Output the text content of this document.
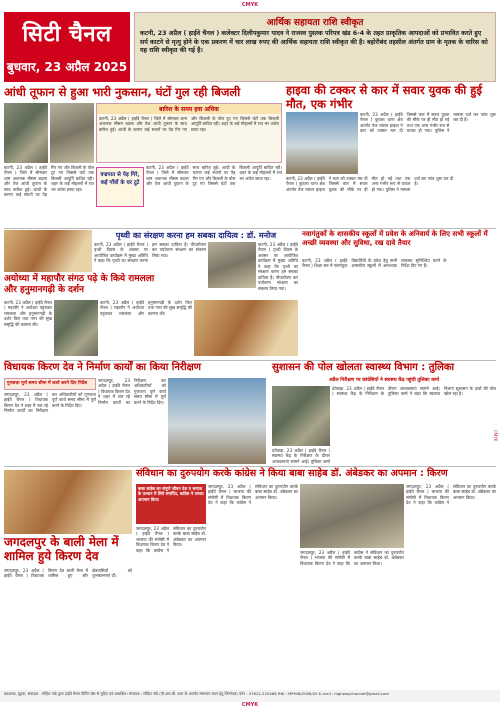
CMYK
सिटी चैनल
बुधवार, 23 अप्रैल 2025
आर्थिक सहायता राशि स्वीकृत

कटनी, 23 अप्रैल ( हाईवे चैनल ) कलेक्टर दिलीपकुमार यादव ने राजस्व पुस्तक परिपत्र खंड 6-4 के तहत प्राकृतिक आपदाओं को प्रभावित करते हुए सर्प काटने से मृत्यु होने के एक प्रकरण में चार लाख रुपए की आर्थिक सहायता राशि स्वीकृत की है। बहोरीबंद तहसील अंतर्गत ग्राम के मृतक के वारिस को यह राशि स्वीकृत की गई है।

आंधी तूफान से हुआ भारी नुकसान, घंटों गुल रही बिजली	हाइवा की टक्कर से कार में सवार युवक की हुई मौत, एक गंभीर
बारिश के समय हवा अधिक
कटनी, 23 अप्रैल ( हाईवे चैनल ) जिले में सोमवार शाम अचानक मौसम बदला और तेज आंधी तूफान के साथ बारिश हुई। आंधी के कारण कई स्थानों पर पेड़ गिर गए और बिजली के पोल टूट गए जिससे घंटों तक बिजली आपूर्ति बाधित रही। शहर के कई मोहल्लों में रात भर अंधेरा छाया रहा।
कटनी, 23 अप्रैल ( हाईवे चैनल ) जिले में सोमवार शाम अचानक मौसम बदला और तेज आंधी तूफान के साथ बारिश हुई। आंधी के कारण कई स्थानों पर पेड़ गिर गए और बिजली के पोल टूट गए जिससे घंटों तक बिजली आपूर्ति बाधित रही। शहर के कई मोहल्लों में रात भर अंधेरा छाया रहा।
वज्रपात से पेड़ गिरे, कई गाँवों के घर टूटे
कटनी, 23 अप्रैल ( हाईवे चैनल ) जिले में सोमवार शाम अचानक मौसम बदला और तेज आंधी तूफान के साथ बारिश हुई। आंधी के कारण कई स्थानों पर पेड़ गिर गए और बिजली के पोल टूट गए जिससे घंटों तक बिजली आपूर्ति बाधित रही। शहर के कई मोहल्लों में रात भर अंधेरा छाया रहा।
कटनी, 23 अप्रैल ( हाईवे चैनल ) कुठला थाना क्षेत्र अंतर्गत तेज रफ्तार हाइवा ने कार को टक्कर मार दी जिससे कार में सवार युवक की मौके पर ही मौत हो गई तथा एक अन्य गंभीर रूप से घायल हो गया। पुलिस ने मामला दर्ज कर जांच शुरू कर दी है।
कटनी, 23 अप्रैल ( हाईवे चैनल ) कुठला थाना क्षेत्र अंतर्गत तेज रफ्तार हाइवा ने कार को टक्कर मार दी जिससे कार में सवार युवक की मौके पर ही मौत हो गई तथा एक अन्य गंभीर रूप से घायल हो गया। पुलिस ने मामला दर्ज कर जांच शुरू कर दी है।
पृथ्वी का संरक्षण करना हम सबका दायित्व : डॉ. मनोज
कटनी, 23 अप्रैल ( हाईवे चैनल ) पृथ्वी दिवस के अवसर पर आयोजित कार्यक्रम में मुख्य अतिथि ने कहा कि पृथ्वी का संरक्षण करना हम सबका दायित्व है। पौधारोपण कर पर्यावरण संरक्षण का संकल्प लिया गया।
कटनी, 23 अप्रैल ( हाईवे चैनल ) पृथ्वी दिवस के अवसर पर आयोजित कार्यक्रम में मुख्य अतिथि ने कहा कि पृथ्वी का संरक्षण करना हम सबका दायित्व है। पौधारोपण कर पर्यावरण संरक्षण का संकल्प लिया गया।
अयोध्या में महापौर संगठ पढ़े के किये रामलला और हनुमानगढ़ी के दर्शन
कटनी, 23 अप्रैल ( हाईवे चैनल ) महापौर ने अयोध्या पहुंचकर रामलला और हनुमानगढ़ी के दर्शन किए तथा नगर की सुख समृद्धि की कामना की।
कटनी, 23 अप्रैल ( हाईवे चैनल ) महापौर ने अयोध्या पहुंचकर रामलला और हनुमानगढ़ी के दर्शन किए तथा नगर की सुख समृद्धि की कामना की।
नवागंतुकों के शासकीय स्कूलों में प्रवेश के अनिवार्य के लिए सभी स्कूलों में अच्छी व्यवस्था और सुविधा, रख दावे तैयार
कटनी, 23 अप्रैल ( हाईवे चैनल ) शिक्षा सत्र में नवागंतुक विद्यार्थियों के प्रवेश हेतु सभी शासकीय स्कूलों में आवश्यक व्यवस्था सुनिश्चित करने के निर्देश दिए गए हैं।
विधायक किरण देव ने निर्माण कार्यों का किया निरीक्षण
गुणवत्ता पूर्ण समय सीमा में कार्य करने दिए निर्देश
जगदलपुर, 23 अप्रैल ( हाईवे चैनल ) विधायक किरण देव ने शहर में चल रहे निर्माण कार्यों का निरीक्षण कर अधिकारियों को गुणवत्ता पूर्ण कार्य समय सीमा में पूर्ण करने के निर्देश दिए।
जगदलपुर, 23 अप्रैल ( हाईवे चैनल ) विधायक किरण देव ने शहर में चल रहे निर्माण कार्यों का निरीक्षण कर अधिकारियों को गुणवत्ता पूर्ण कार्य समय सीमा में पूर्ण करने के निर्देश दिए।
सुशासन की पोल खोलता स्वास्थ्य विभाग : तुलिका
अप्रैल निरीक्षण पर कांग्रेसियों ने स्वास्थ्य केंद्र पहुंची तुलिका कर्मा
दंतेवाड़ा, 23 अप्रैल ( हाईवे चैनल ) स्वास्थ्य केंद्र के निरीक्षण के दौरान अव्यवस्थाएं सामने आईं। तुलिका कर्मा ने कहा कि स्वास्थ्य विभाग सुशासन के दावों की पोल खोल रहा है।
दंतेवाड़ा, 23 अप्रैल ( हाईवे चैनल ) स्वास्थ्य केंद्र के निरीक्षण के दौरान अव्यवस्थाएं सामने आईं। तुलिका कर्मा
संविधान का दुरुपयोग करके कांग्रेस ने किया बाबा साहेब डॉ. अंबेडकर का अपमान : किरण
बाबा साहेब का संपूर्ण जीवन देश व समाज के उत्थान में लिये समर्पित, कांग्रेस ने उनका अपमान किया
जगदलपुर, 23 अप्रैल ( हाईवे चैनल ) भाजपा की संगोष्ठी में विधायक किरण देव ने कहा कि कांग्रेस ने संविधान का दुरुपयोग करके बाबा साहेब डॉ. अंबेडकर का अपमान किया।
जगदलपुर, 23 अप्रैल ( हाईवे चैनल ) भाजपा की संगोष्ठी में विधायक किरण देव ने कहा कि कांग्रेस ने संविधान का दुरुपयोग करके बाबा साहेब डॉ. अंबेडकर का अपमान किया।
जगदलपुर, 23 अप्रैल ( हाईवे चैनल ) भाजपा की संगोष्ठी में विधायक किरण देव ने कहा कि कांग्रेस ने संविधान का दुरुपयोग करके बाबा साहेब डॉ. अंबेडकर का अपमान किया।
जगदलपुर, 23 अप्रैल ( हाईवे चैनल ) भाजपा की संगोष्ठी में विधायक किरण देव ने कहा कि कांग्रेस ने संविधान का दुरुपयोग करके बाबा साहेब डॉ. अंबेडकर का अपमान किया।
जगदलपुर के बाली मेला में शामिल हुये किरण देव
जगदलपुर, 23 अप्रैल ( हाईवे चैनल ) विधायक किरण देव बाली मेला में शामिल हुए और क्षेत्रवासियों को शुभकामनाएं दीं।
CMYK
प्रकाशक, मुद्रक, संपादक : मोहित पांडे द्वारा हाईवे चैनल प्रिंटिंग प्रेस से मुद्रित एवं प्रकाशित। संपादक : मोहित पांडे (पी.आर.बी. एक्ट के अंतर्गत समाचार चयन हेतु जिम्मेदार) फोन : 07622-220466 RNI : MPHIN/2006/20 E-mail : highwaychannel@gmail.com
CMYK
